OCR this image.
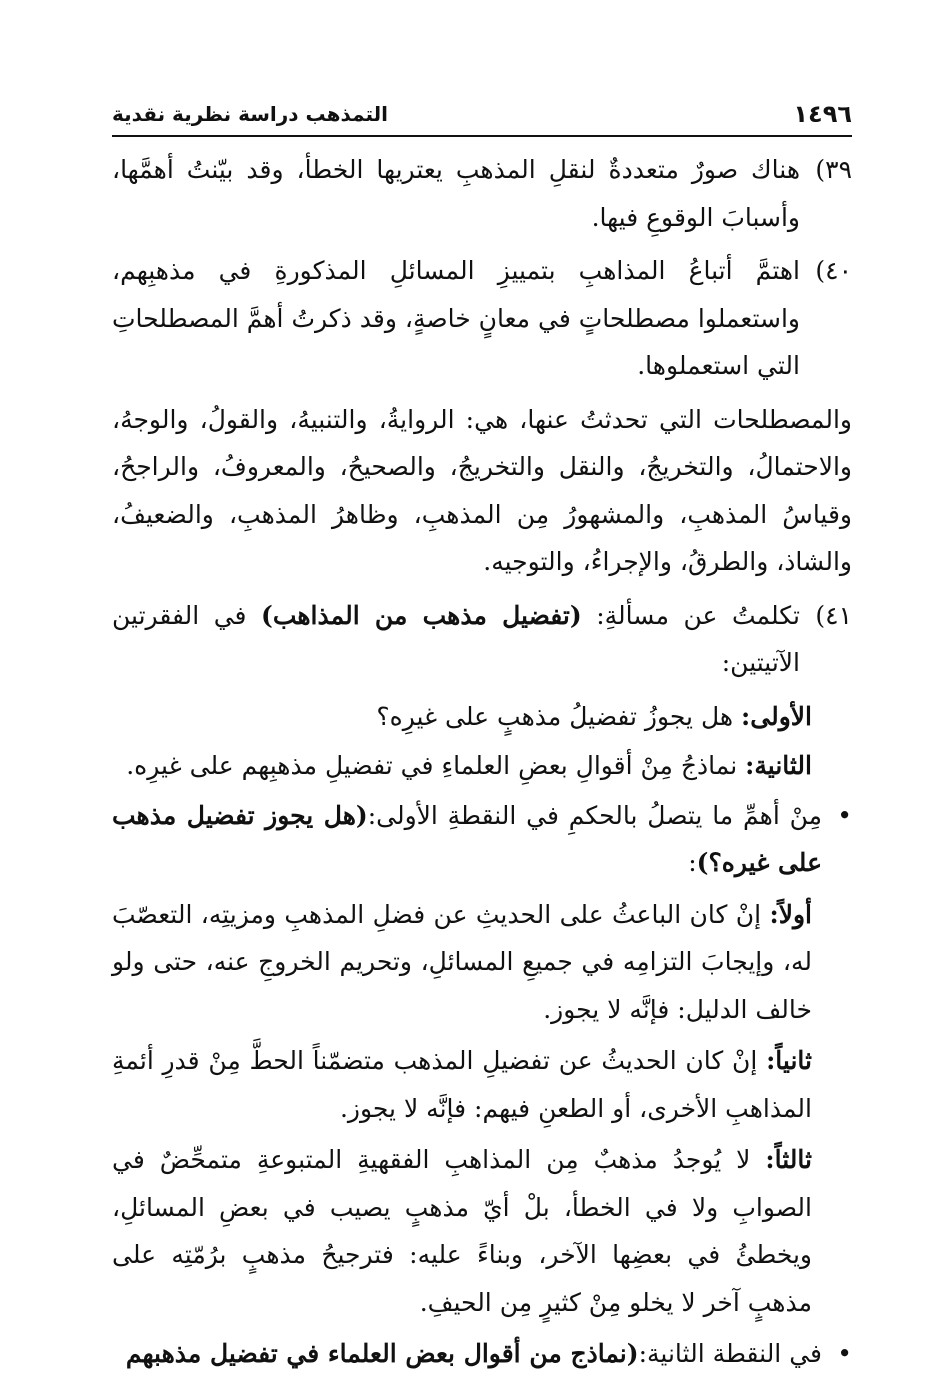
١٤٩٦
التمذهب دراسة نظرية نقدية
٣٩)
هناك صورٌ متعددةٌ لنقلِ المذهبِ يعتريها الخطأ، وقد بيّنتُ أهمَّها، وأسبابَ الوقوعِ فيها.
٤٠)
اهتمَّ أتباعُ المذاهبِ بتمييزِ المسائلِ المذكورةِ في مذهبِهم، واستعملوا مصطلحاتٍ في معانٍ خاصةٍ، وقد ذكرتُ أهمَّ المصطلحاتِ التي استعملوها.
والمصطلحات التي تحدثتُ عنها، هي: الروايةُ، والتنبيهُ، والقولُ، والوجهُ، والاحتمالُ، والتخريجُ، والنقل والتخريجُ، والصحيحُ، والمعروفُ، والراجحُ، وقياسُ المذهبِ، والمشهورُ مِن المذهبِ، وظاهرُ المذهبِ، والضعيفُ، والشاذ، والطرقُ، والإجراءُ، والتوجيه.
٤١)
تكلمتُ عن مسألةِ: (تفضيل مذهب من المذاهب) في الفقرتين الآتيتين:
الأولى: هل يجوزُ تفضيلُ مذهبٍ على غيرِه؟
الثانية: نماذجُ مِنْ أقوالِ بعضِ العلماءِ في تفضيلِ مذهبِهم على غيرِه.
•
مِنْ أهمِّ ما يتصلُ بالحكمِ في النقطةِ الأولى:(هل يجوز تفضيل مذهب على غيره؟):
أولاً: إنْ كان الباعثُ على الحديثِ عن فضلِ المذهبِ ومزيتِه، التعصّبَ له، وإيجابَ التزامِه في جميعِ المسائلِ، وتحريم الخروجِ عنه، حتى ولو خالف الدليل: فإنَّه لا يجوز.
ثانياً: إنْ كان الحديثُ عن تفضيلِ المذهب متضمّناً الحطَّ مِنْ قدرِ أئمةِ المذاهبِ الأخرى، أو الطعنِ فيهم: فإنَّه لا يجوز.
ثالثاً: لا يُوجدُ مذهبٌ مِن المذاهبِ الفقهيةِ المتبوعةِ متمحِّضٌ في الصوابِ ولا في الخطأ، بلْ أيّ مذهبٍ يصيب في بعضِ المسائلِ، ويخطئُ في بعضِها الآخر، وبناءً عليه: فترجيحُ مذهبٍ برُمّتِه على مذهبٍ آخر لا يخلو مِنْ كثيرٍ مِن الحيفِ.
•
في النقطة الثانية:(نماذج من أقوال بعض العلماء في تفضيل مذهبهم
